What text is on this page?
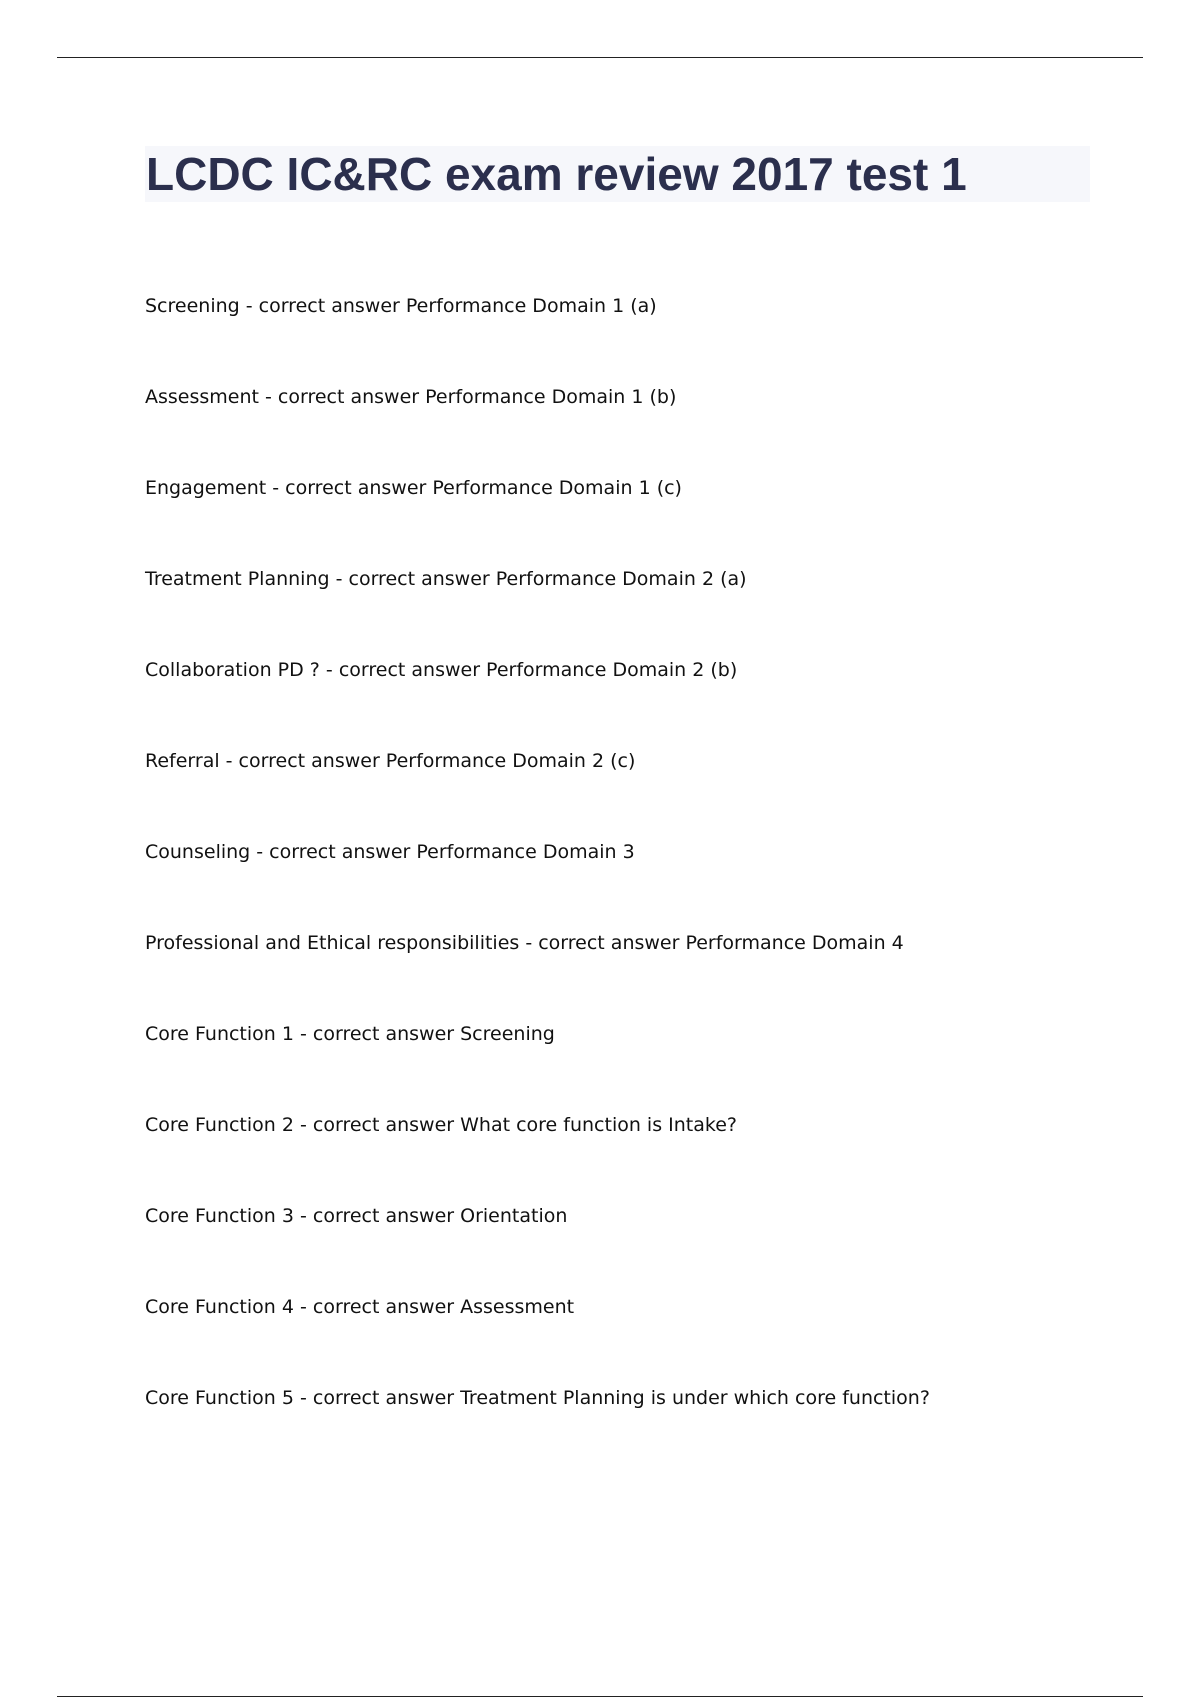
LCDC IC&RC exam review 2017 test 1
Screening - correct answer Performance Domain 1 (a)
Assessment - correct answer Performance Domain 1 (b)
Engagement - correct answer Performance Domain 1 (c)
Treatment Planning - correct answer Performance Domain 2 (a)
Collaboration PD ? - correct answer Performance Domain 2 (b)
Referral - correct answer Performance Domain 2 (c)
Counseling - correct answer Performance Domain 3
Professional and Ethical responsibilities - correct answer Performance Domain 4
Core Function 1 - correct answer Screening
Core Function 2 - correct answer What core function is Intake?
Core Function 3 - correct answer Orientation
Core Function 4 - correct answer Assessment
Core Function 5 - correct answer Treatment Planning is under which core function?
